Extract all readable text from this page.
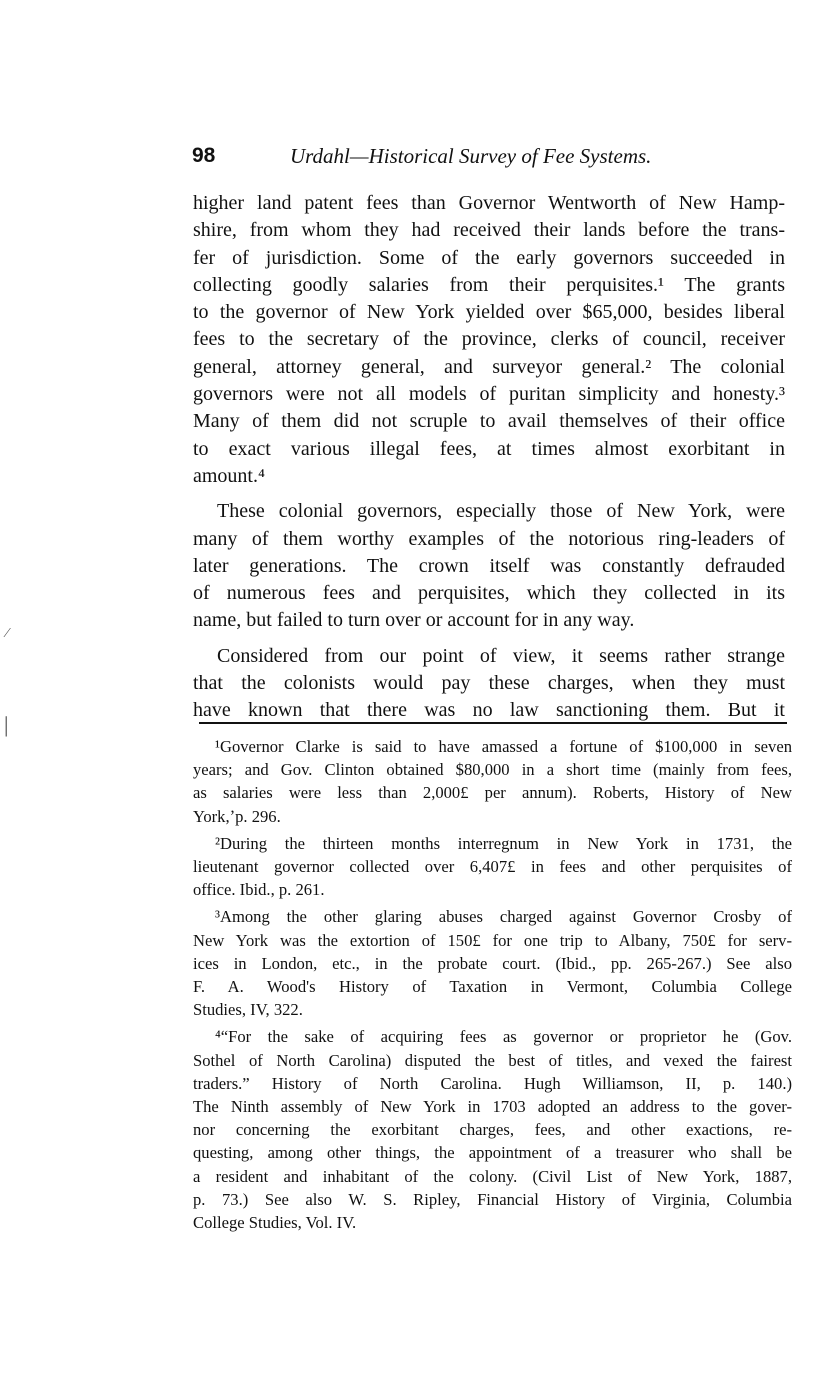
98	Urdahl—Historical Survey of Fee Systems.

higher land patent fees than Governor Wentworth of New Hamp-
shire, from whom they had received their lands before the trans-
fer of jurisdiction. Some of the early governors succeeded in
collecting goodly salaries from their perquisites.¹ The grants
to the governor of New York yielded over $65,000, besides liberal
fees to the secretary of the province, clerks of council, receiver
general, attorney general, and surveyor general.² The colonial
governors were not all models of puritan simplicity and honesty.³
Many of them did not scruple to avail themselves of their office
to exact various illegal fees, at times almost exorbitant in
amount.⁴

These colonial governors, especially those of New York, were
many of them worthy examples of the notorious ring-leaders of
later generations. The crown itself was constantly defrauded
of numerous fees and perquisites, which they collected in its
name, but failed to turn over or account for in any way.

Considered from our point of view, it seems rather strange
that the colonists would pay these charges, when they must
have known that there was no law sanctioning them. But it

¹Governor Clarke is said to have amassed a fortune of $100,000 in seven
years; and Gov. Clinton obtained $80,000 in a short time (mainly from fees,
as salaries were less than 2,000£ per annum). Roberts, History of New
York,ʼp. 296.
²During the thirteen months interregnum in New York in 1731, the
lieutenant governor collected over 6,407£ in fees and other perquisites of
office. Ibid., p. 261.
³Among the other glaring abuses charged against Governor Crosby of
New York was the extortion of 150£ for one trip to Albany, 750£ for serv-
ices in London, etc., in the probate court. (Ibid., pp. 265-267.) See also
F. A. Wood's History of Taxation in Vermont, Columbia College
Studies, IV, 322.
⁴“For the sake of acquiring fees as governor or proprietor he (Gov.
Sothel of North Carolina) disputed the best of titles, and vexed the fairest
traders.” History of North Carolina. Hugh Williamson, II, p. 140.)
The Ninth assembly of New York in 1703 adopted an address to the gover-
nor concerning the exorbitant charges, fees, and other exactions, re-
questing, among other things, the appointment of a treasurer who shall be
a resident and inhabitant of the colony. (Civil List of New York, 1887,
p. 73.) See also W. S. Ripley, Financial History of Virginia, Columbia
College Studies, Vol. IV.
⁄
|
